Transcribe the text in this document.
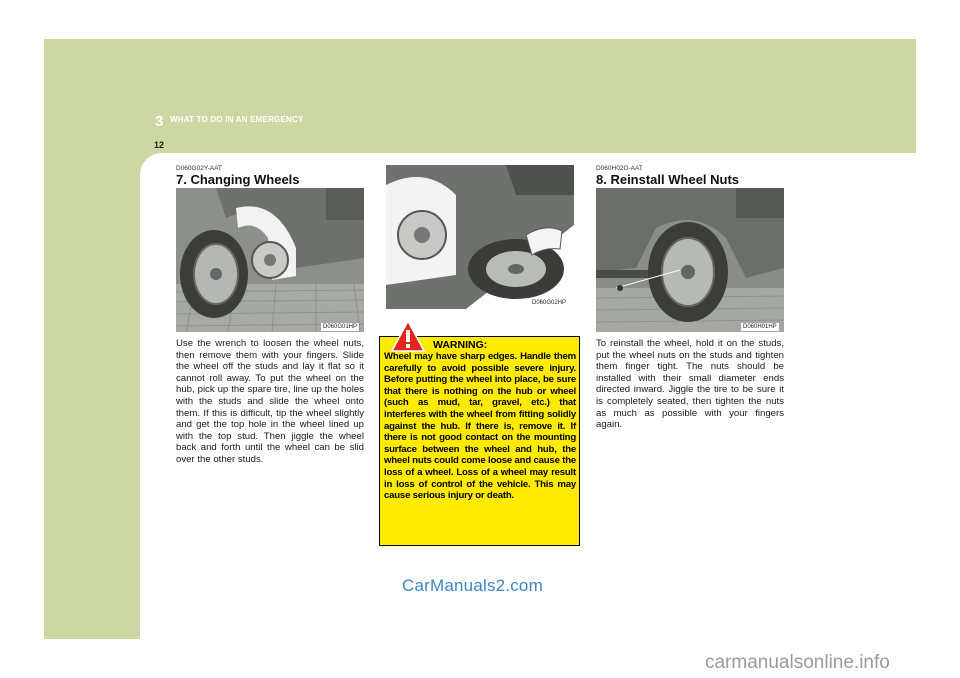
3 WHAT TO DO IN AN EMERGENCY
12
D060G02Y-AAT
7. Changing Wheels
D060G01HP

Use the wrench to loosen the wheel nuts, then remove them with your fingers. Slide the wheel off the studs and lay it flat so it cannot roll away. To put the wheel on the hub, pick up the spare tire, line up the holes with the studs and slide the wheel onto them. If this is difficult, tip the wheel slightly and get the top hole in the wheel lined up with the top stud. Then jiggle the wheel back and forth until the wheel can be slid over the other studs.

D060G02HP
WARNING:

Wheel may have sharp edges. Handle them carefully to avoid possible severe injury. Before putting the wheel into place, be sure that there is nothing on the hub or wheel (such as mud, tar, gravel, etc.) that interferes with the wheel from fitting solidly against the hub. If there is, remove it. If there is not good contact on the mounting surface between the wheel and hub, the wheel nuts could come loose and cause the loss of a wheel. Loss of a wheel may result in loss of control of the vehicle. This may cause serious injury or death.

D060H02O-AAT
8. Reinstall Wheel Nuts
D060H01HP

To reinstall the wheel, hold it on the studs, put the wheel nuts on the studs and tighten them finger tight. The nuts should be installed with their small diameter ends directed inward. Jiggle the tire to be sure it is completely seated, then tighten the nuts as much as possible with your fingers again.

CarManuals2.com
carmanualsonline.info
